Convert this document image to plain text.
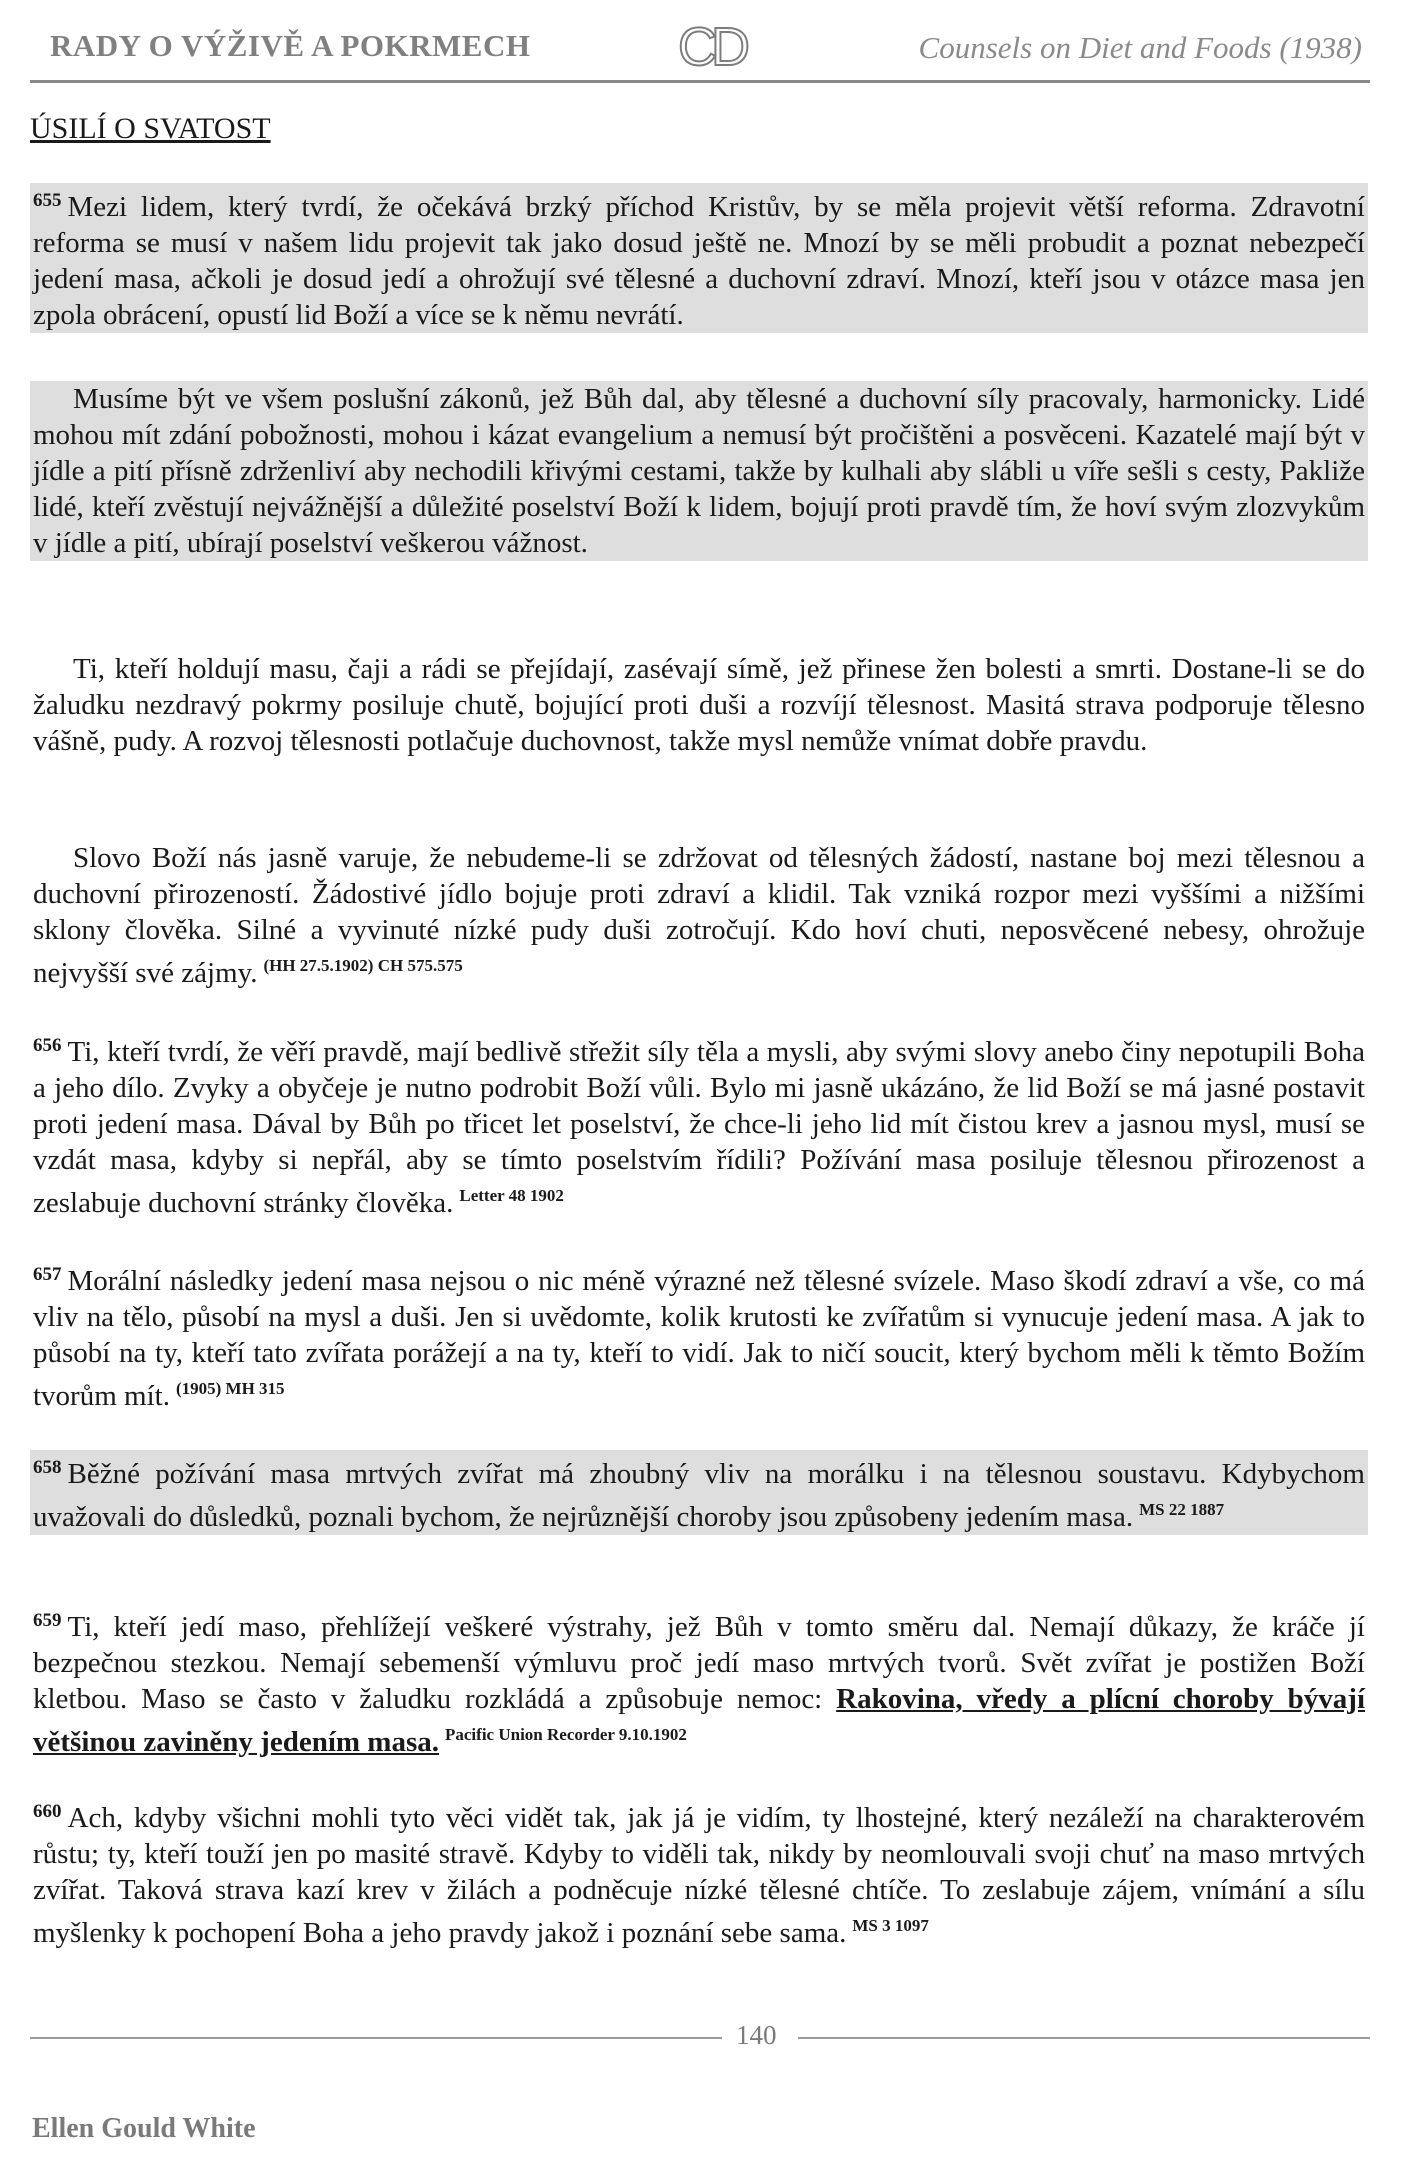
RADY O VÝŽIVĚ A POKRMECH	CD	Counsels on Diet and Foods (1938)
ÚSILÍ O SVATOST
$^{655}$ Mezi lidem, který tvrdí, že očekává brzký příchod Kristův, by se měla projevit větší reforma. Zdravotní reforma se musí v našem lidu projevit tak jako dosud ještě ne. Mnozí by se měli probudit a poznat nebezpečí jedení masa, ačkoli je dosud jedí a ohrožují své tělesné a duchovní zdraví. Mnozí, kteří jsou v otázce masa jen zpola obrácení, opustí lid Boží a více se k němu nevrátí.
Musíme být ve všem poslušní zákonů, jež Bůh dal, aby tělesné a duchovní síly pracovaly, harmonicky. Lidé mohou mít zdání pobožnosti, mohou i kázat evangelium a nemusí být pročištěni a posvěceni. Kazatelé mají být v jídle a pití přísně zdrženliví aby nechodili křivými cestami, takže by kulhali aby slábli u víře sešli s cesty, Pakliže lidé, kteří zvěstují nejvážnější a důležité poselství Boží k lidem, bojují proti pravdě tím, že hoví svým zlozvykům v jídle a pití, ubírají poselství veškerou vážnost.
Ti, kteří holdují masu, čaji a rádi se přejídají, zasévají símě, jež přinese žen bolesti a smrti. Dostane-li se do žaludku nezdravý pokrmy posiluje chutě, bojující proti duši a rozvíjí tělesnost. Masitá strava podporuje tělesno vášně, pudy. A rozvoj tělesnosti potlačuje duchovnost, takže mysl nemůže vnímat dobře pravdu.
Slovo Boží nás jasně varuje, že nebudeme-li se zdržovat od tělesných žádostí, nastane boj mezi tělesnou a duchovní přirozeností. Žádostivé jídlo bojuje proti zdraví a klidil. Tak vzniká rozpor mezi vyššími a nižšími sklony člověka. Silné a vyvinuté nízké pudy duši zotročují. Kdo hoví chuti, neposvěcené nebesy, ohrožuje nejvyšší své zájmy. $^{(HH 27.5.1902) CH 575.575}$
$^{656}$ Ti, kteří tvrdí, že věří pravdě, mají bedlivě střežit síly těla a mysli, aby svými slovy anebo činy nepotupili Boha a jeho dílo. Zvyky a obyčeje je nutno podrobit Boží vůli. Bylo mi jasně ukázáno, že lid Boží se má jasné postavit proti jedení masa. Dával by Bůh po třicet let poselství, že chce-li jeho lid mít čistou krev a jasnou mysl, musí se vzdát masa, kdyby si nepřál, aby se tímto poselstvím řídili? Požívání masa posiluje tělesnou přirozenost a zeslabuje duchovní stránky člověka. $^{Letter 48 1902}$
$^{657}$ Morální následky jedení masa nejsou o nic méně výrazné než tělesné svízele. Maso škodí zdraví a vše, co má vliv na tělo, působí na mysl a duši. Jen si uvědomte, kolik krutosti ke zvířatům si vynucuje jedení masa. A jak to působí na ty, kteří tato zvířata porážejí a na ty, kteří to vidí. Jak to ničí soucit, který bychom měli k těmto Božím tvorům mít. $^{(1905) MH 315}$
$^{658}$ Běžné požívání masa mrtvých zvířat má zhoubný vliv na morálku i na tělesnou soustavu. Kdybychom uvažovali do důsledků, poznali bychom, že nejrůznější choroby jsou způsobeny jedením masa. $^{MS 22 1887}$
$^{659}$ Ti, kteří jedí maso, přehlížejí veškeré výstrahy, jež Bůh v tomto směru dal. Nemají důkazy, že kráče jí bezpečnou stezkou. Nemají sebemenší výmluvu proč jedí maso mrtvých tvorů. Svět zvířat je postižen Boží kletbou. Maso se často v žaludku rozkládá a způsobuje nemoc: Rakovina, vředy a plícní choroby bývají většinou zaviněny jedením masa. $^{Pacific Union Recorder 9.10.1902}$
$^{660}$ Ach, kdyby všichni mohli tyto věci vidět tak, jak já je vidím, ty lhostejné, který nezáleží na charakterovém růstu; ty, kteří touží jen po masité stravě. Kdyby to viděli tak, nikdy by neomlouvali svoji chuť na maso mrtvých zvířat. Taková strava kazí krev v žilách a podněcuje nízké tělesné chtíče. To zeslabuje zájem, vnímání a sílu myšlenky k pochopení Boha a jeho pravdy jakož i poznání sebe sama. $^{MS 3 1097}$
140
Ellen Gould White
